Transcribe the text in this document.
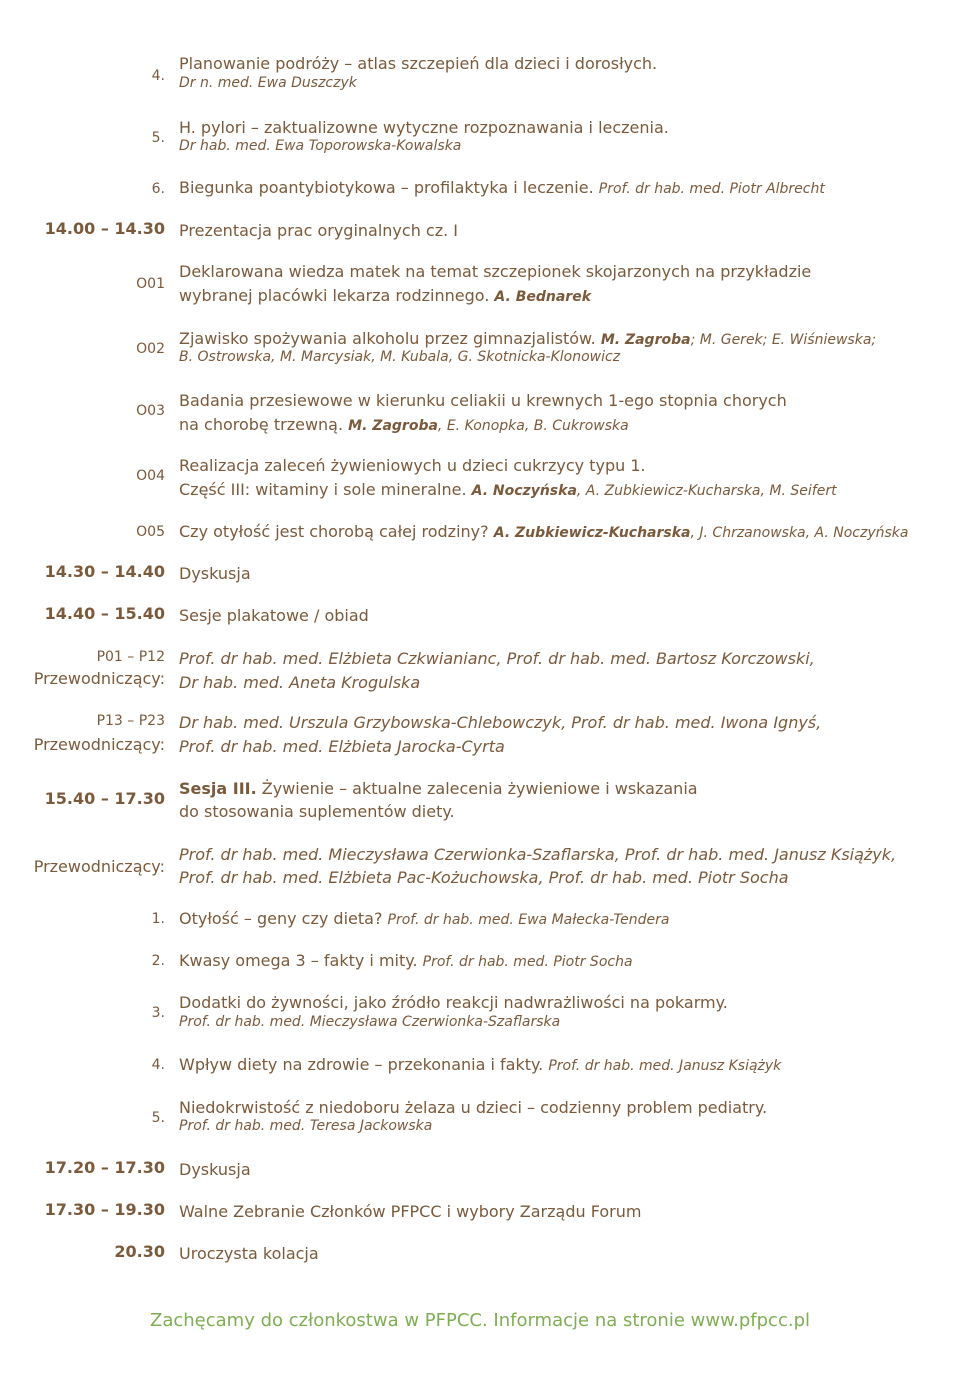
4.
Planowanie podróży – atlas szczepień dla dzieci i dorosłych.
Dr n. med. Ewa Duszczyk
5.
H. pylori – zaktualizowne wytyczne rozpoznawania i leczenia.
Dr hab. med. Ewa Toporowska-Kowalska
6. Biegunka poantybiotykowa – profilaktyka i leczenie. Prof. dr hab. med. Piotr Albrecht
14.00 – 14.30 Prezentacja prac oryginalnych cz. I
O01
Deklarowana wiedza matek na temat szczepionek skojarzonych na przykładzie
wybranej placówki lekarza rodzinnego. A. Bednarek
O02
Zjawisko spożywania alkoholu przez gimnazjalistów. M. Zagroba; M. Gerek; E. Wiśniewska;
B. Ostrowska, M. Marcysiak, M. Kubala, G. Skotnicka-Klonowicz
O03
Badania przesiewowe w kierunku celiakii u krewnych 1-ego stopnia chorych
na chorobę trzewną. M. Zagroba, E. Konopka, B. Cukrowska
O04
Realizacja zaleceń żywieniowych u dzieci cukrzycy typu 1.
Część III: witaminy i sole mineralne. A. Noczyńska, A. Zubkiewicz-Kucharska, M. Seifert
O05 Czy otyłość jest chorobą całej rodziny? A. Zubkiewicz-Kucharska, J. Chrzanowska, A. Noczyńska
14.30 – 14.40 Dyskusja
14.40 – 15.40 Sesje plakatowe / obiad
P01 – P12
Przewodniczący:
Prof. dr hab. med. Elżbieta Czkwianianc, Prof. dr hab. med. Bartosz Korczowski,
Dr hab. med. Aneta Krogulska
P13 – P23
Przewodniczący:
Dr hab. med. Urszula Grzybowska-Chlebowczyk, Prof. dr hab. med. Iwona Ignyś,
Prof. dr hab. med. Elżbieta Jarocka-Cyrta
15.40 – 17.30
Sesja III. Żywienie – aktualne zalecenia żywieniowe i wskazania
do stosowania suplementów diety.
Przewodniczący:
Prof. dr hab. med. Mieczysława Czerwionka-Szaflarska, Prof. dr hab. med. Janusz Książyk,
Prof. dr hab. med. Elżbieta Pac-Kożuchowska, Prof. dr hab. med. Piotr Socha
1. Otyłość – geny czy dieta? Prof. dr hab. med. Ewa Małecka-Tendera
2. Kwasy omega 3 – fakty i mity. Prof. dr hab. med. Piotr Socha
3.
Dodatki do żywności, jako źródło reakcji nadwrażliwości na pokarmy.
Prof. dr hab. med. Mieczysława Czerwionka-Szaflarska
4. Wpływ diety na zdrowie – przekonania i fakty. Prof. dr hab. med. Janusz Książyk
5.
Niedokrwistość z niedoboru żelaza u dzieci – codzienny problem pediatry.
Prof. dr hab. med. Teresa Jackowska
17.20 – 17.30 Dyskusja
17.30 – 19.30 Walne Zebranie Członków PFPCC i wybory Zarządu Forum
20.30 Uroczysta kolacja
Zachęcamy do członkostwa w PFPCC. Informacje na stronie www.pfpcc.pl
